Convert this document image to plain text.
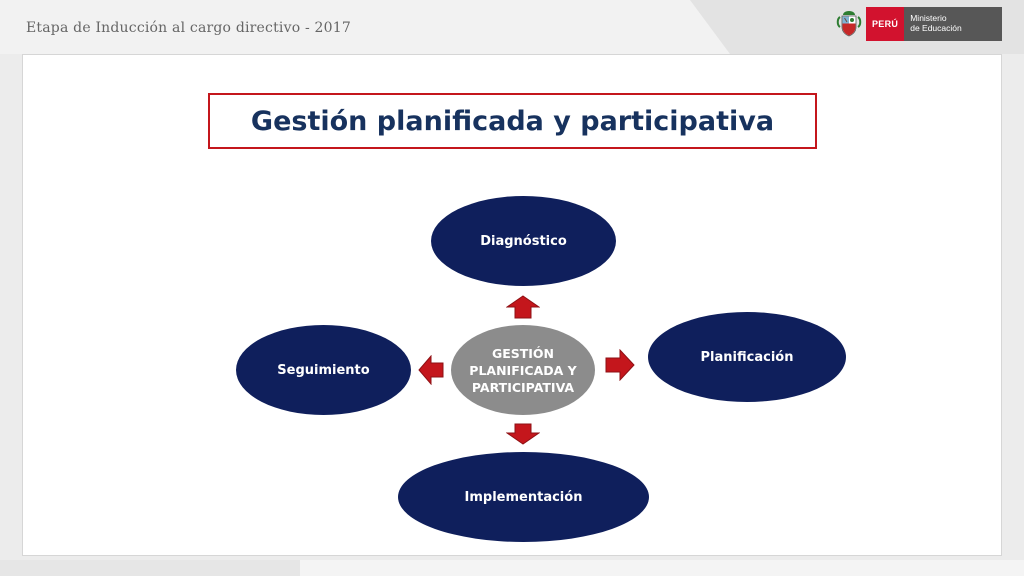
Etapa de Inducción al cargo directivo - 2017	PERÚ
Ministerio
de Educación
Gestión planificada y participativa
Diagnóstico
Planificación
Implementación
Seguimiento
GESTIÓN PLANIFICADA Y PARTICIPATIVA
